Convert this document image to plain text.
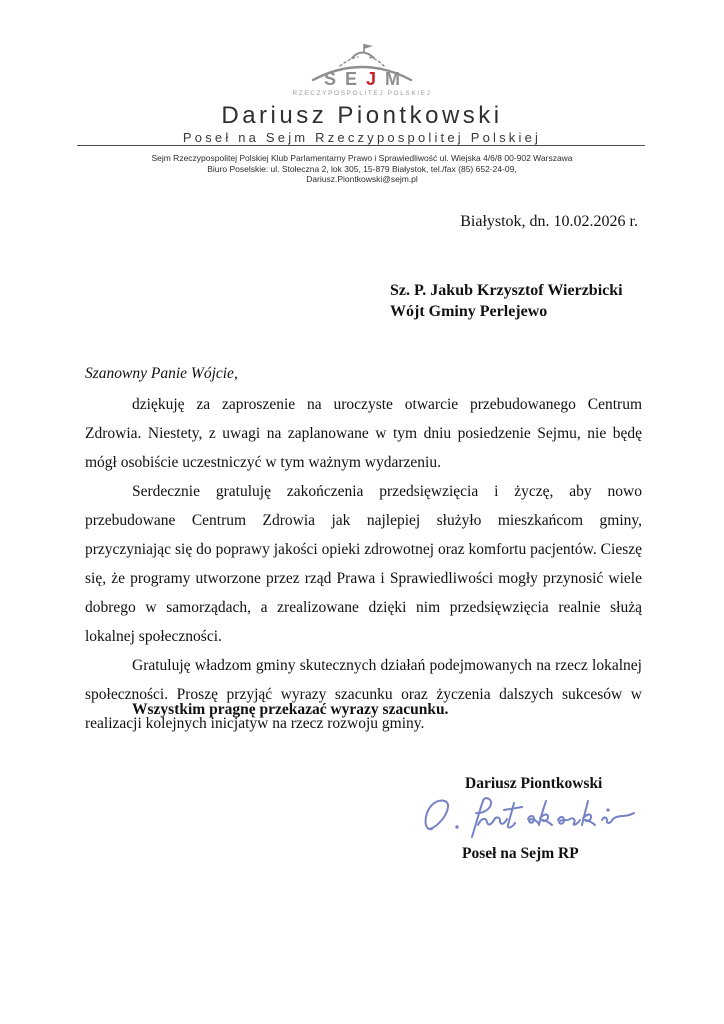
SEJM
RZECZYPOSPOLITEJ POLSKIEJ
Dariusz Piontkowski
Poseł na Sejm Rzeczypospolitej Polskiej
Sejm Rzeczypospolitej Polskiej Klub Parlamentarny Prawo i Sprawiedliwość ul. Wiejska 4/6/8 00-902 Warszawa
Biuro Poselskie: ul. Stołeczna 2, lok 305, 15-879 Białystok, tel./fax (85) 652-24-09,
Dariusz.Piontkowski@sejm.pl
Białystok, dn. 10.02.2026 r.
Sz. P. Jakub Krzysztof Wierzbicki
Wójt Gminy Perlejewo
Szanowny Panie Wójcie,

dziękuję za zaproszenie na uroczyste otwarcie przebudowanego Centrum Zdrowia. Niestety, z uwagi na zaplanowane w tym dniu posiedzenie Sejmu, nie będę mógł osobiście uczestniczyć w tym ważnym wydarzeniu.

Serdecznie gratuluję zakończenia przedsięwzięcia i życzę, aby nowo przebudowane Centrum Zdrowia jak najlepiej służyło mieszkańcom gminy, przyczyniając się do poprawy jakości opieki zdrowotnej oraz komfortu pacjentów. Cieszę się, że programy utworzone przez rząd Prawa i Sprawiedliwości mogły przynosić wiele dobrego w samorządach, a zrealizowane dzięki nim przedsięwzięcia realnie służą lokalnej społeczności.

Gratuluję władzom gminy skutecznych działań podejmowanych na rzecz lokalnej społeczności. Proszę przyjąć wyrazy szacunku oraz życzenia dalszych sukcesów w realizacji kolejnych inicjatyw na rzecz rozwoju gminy.

Wszystkim pragnę przekazać wyrazy szacunku.
Dariusz Piontkowski
Poseł na Sejm RP
